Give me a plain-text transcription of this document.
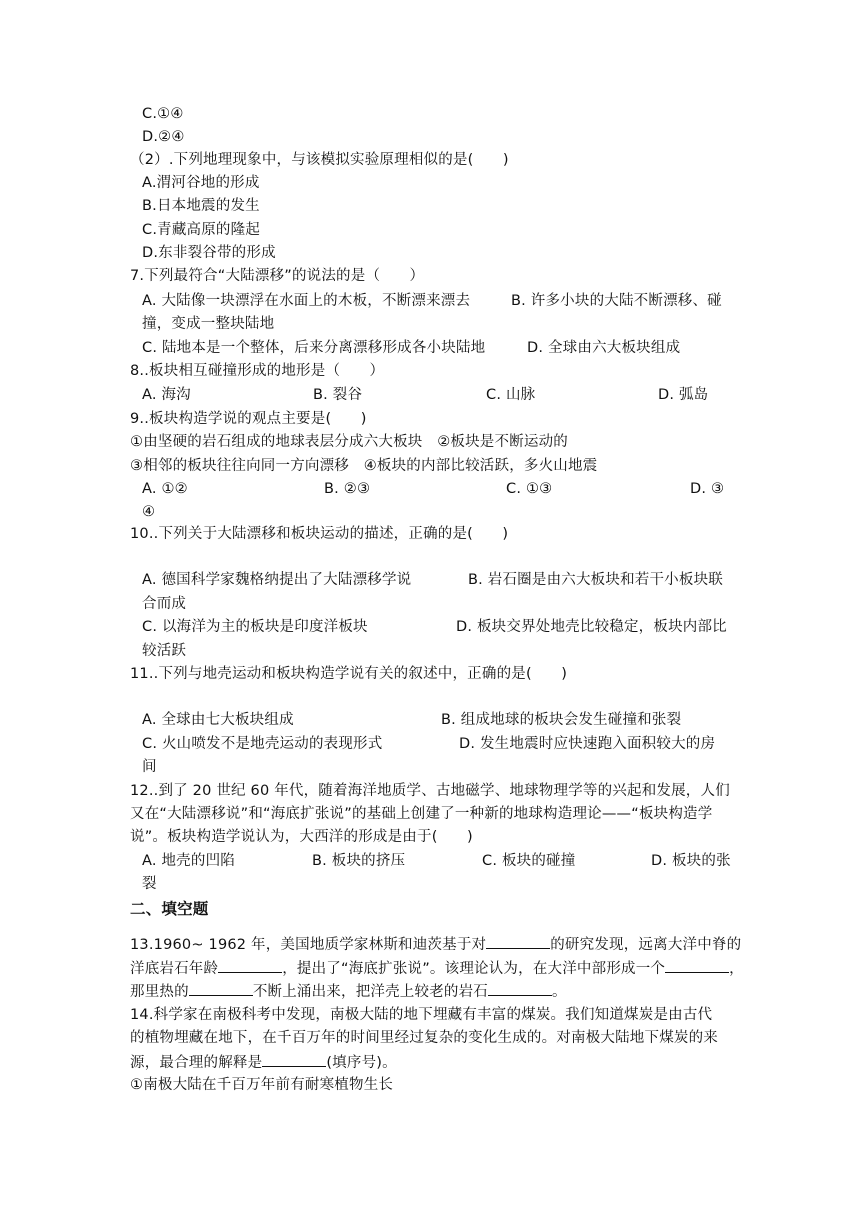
C.①④
D.②④
（2）.下列地理现象中，与该模拟实验原理相似的是(　　)
A.渭河谷地的形成
B.日本地震的发生
C.青藏高原的隆起
D.东非裂谷带的形成
7.下列最符合“大陆漂移”的说法的是（　　）
A. 大陆像一块漂浮在水面上的木板，不断漂来漂去	B. 许多小块的大陆不断漂移、碰
撞，变成一整块陆地
C. 陆地本是一个整体，后来分离漂移形成各小块陆地	D. 全球由六大板块组成
8..板块相互碰撞形成的地形是（　　）
A. 海沟	B. 裂谷	C. 山脉	D. 弧岛
9..板块构造学说的观点主要是(　　)
①由坚硬的岩石组成的地球表层分成六大板块　②板块是不断运动的
③相邻的板块往往向同一方向漂移　④板块的内部比较活跃，多火山地震
A. ①②	B. ②③	C. ①③	D. ③
④
10..下列关于大陆漂移和板块运动的描述，正确的是(　　)
A. 德国科学家魏格纳提出了大陆漂移学说	B. 岩石圈是由六大板块和若干小板块联
合而成
C. 以海洋为主的板块是印度洋板块	D. 板块交界处地壳比较稳定，板块内部比
较活跃
11..下列与地壳运动和板块构造学说有关的叙述中，正确的是(　　)
A. 全球由七大板块组成	B. 组成地球的板块会发生碰撞和张裂
C. 火山喷发不是地壳运动的表现形式	D. 发生地震时应快速跑入面积较大的房
间
12..到了 20 世纪 60 年代，随着海洋地质学、古地磁学、地球物理学等的兴起和发展，人们
又在“大陆漂移说”和“海底扩张说”的基础上创建了一种新的地球构造理论——“板块构造学
说”。板块构造学说认为，大西洋的形成是由于(　　)
A. 地壳的凹陷	B. 板块的挤压	C. 板块的碰撞	D. 板块的张
裂
二、填空题
13.1960~ 1962 年，美国地质学家林斯和迪茨基于对	的研究发现，远离大洋中脊的
洋底岩石年龄	，提出了“海底扩张说”。该理论认为，在大洋中部形成一个	，
那里热的	不断上涌出来，把洋壳上较老的岩石	。
14.科学家在南极科考中发现，南极大陆的地下埋藏有丰富的煤炭。我们知道煤炭是由古代
的植物埋藏在地下，在千百万年的时间里经过复杂的变化生成的。对南极大陆地下煤炭的来
源，最合理的解释是	(填序号)。
①南极大陆在千百万年前有耐寒植物生长
